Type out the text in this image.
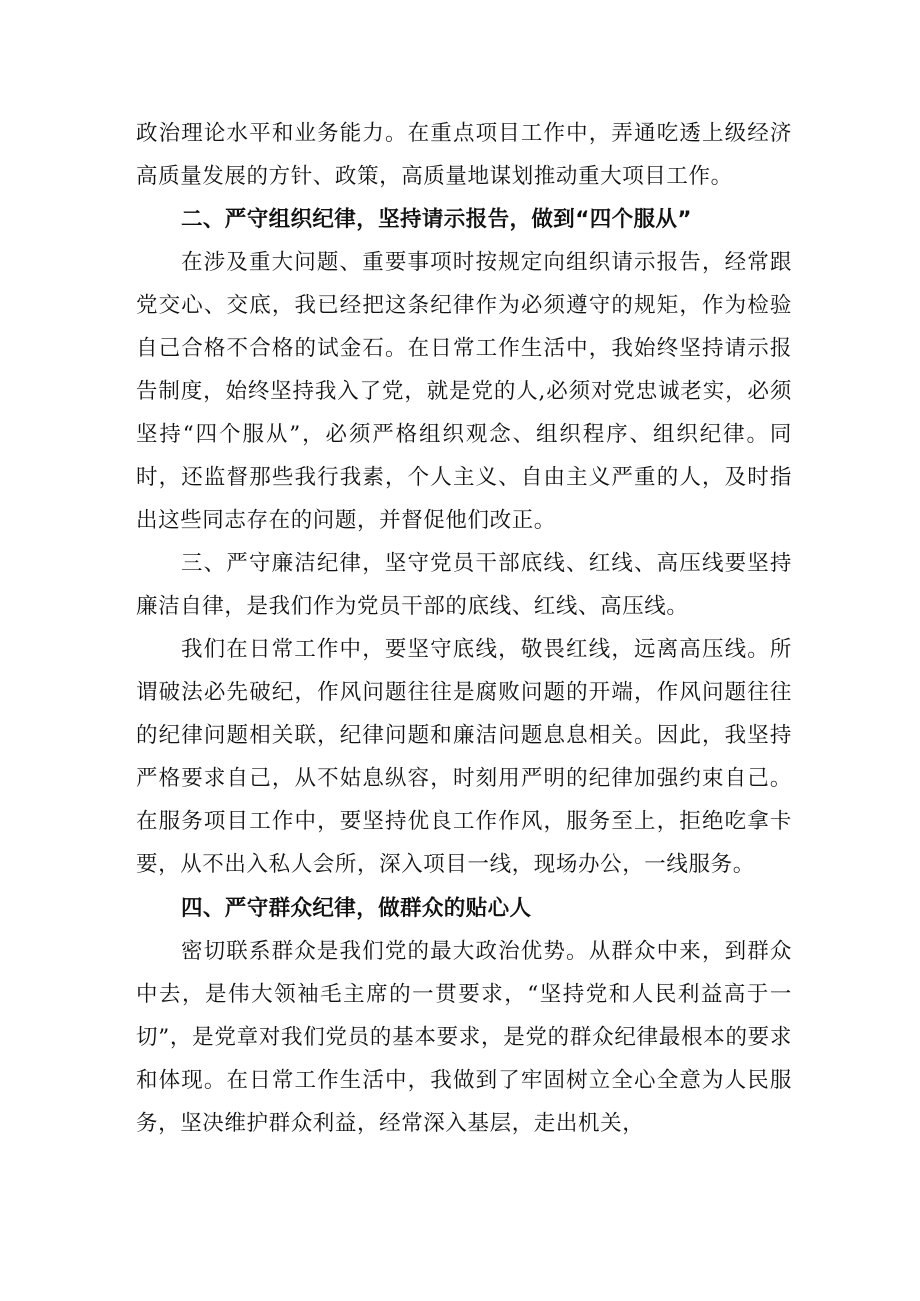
政治理论水平和业务能力。在重点项目工作中，弄通吃透上级经济高质量发展的方针、政策，高质量地谋划推动重大项目工作。

二、严守组织纪律，坚持请示报告，做到“四个服从”

在涉及重大问题、重要事项时按规定向组织请示报告，经常跟党交心、交底，我已经把这条纪律作为必须遵守的规矩，作为检验自己合格不合格的试金石。在日常工作生活中，我始终坚持请示报告制度，始终坚持我入了党，就是党的人,必须对党忠诚老实，必须坚持“四个服从”，必须严格组织观念、组织程序、组织纪律。同时，还监督那些我行我素，个人主义、自由主义严重的人，及时指出这些同志存在的问题，并督促他们改正。

三、严守廉洁纪律，坚守党员干部底线、红线、高压线要坚持廉洁自律，是我们作为党员干部的底线、红线、高压线。

我们在日常工作中，要坚守底线，敬畏红线，远离高压线。所谓破法必先破纪，作风问题往往是腐败问题的开端，作风问题往往的纪律问题相关联，纪律问题和廉洁问题息息相关。因此，我坚持严格要求自己，从不姑息纵容，时刻用严明的纪律加强约束自己。在服务项目工作中，要坚持优良工作作风，服务至上，拒绝吃拿卡要，从不出入私人会所，深入项目一线，现场办公，一线服务。

四、严守群众纪律，做群众的贴心人

密切联系群众是我们党的最大政治优势。从群众中来，到群众中去，是伟大领袖毛主席的一贯要求，“坚持党和人民利益高于一切”，是党章对我们党员的基本要求，是党的群众纪律最根本的要求和体现。在日常工作生活中，我做到了牢固树立全心全意为人民服务，坚决维护群众利益，经常深入基层，走出机关，
